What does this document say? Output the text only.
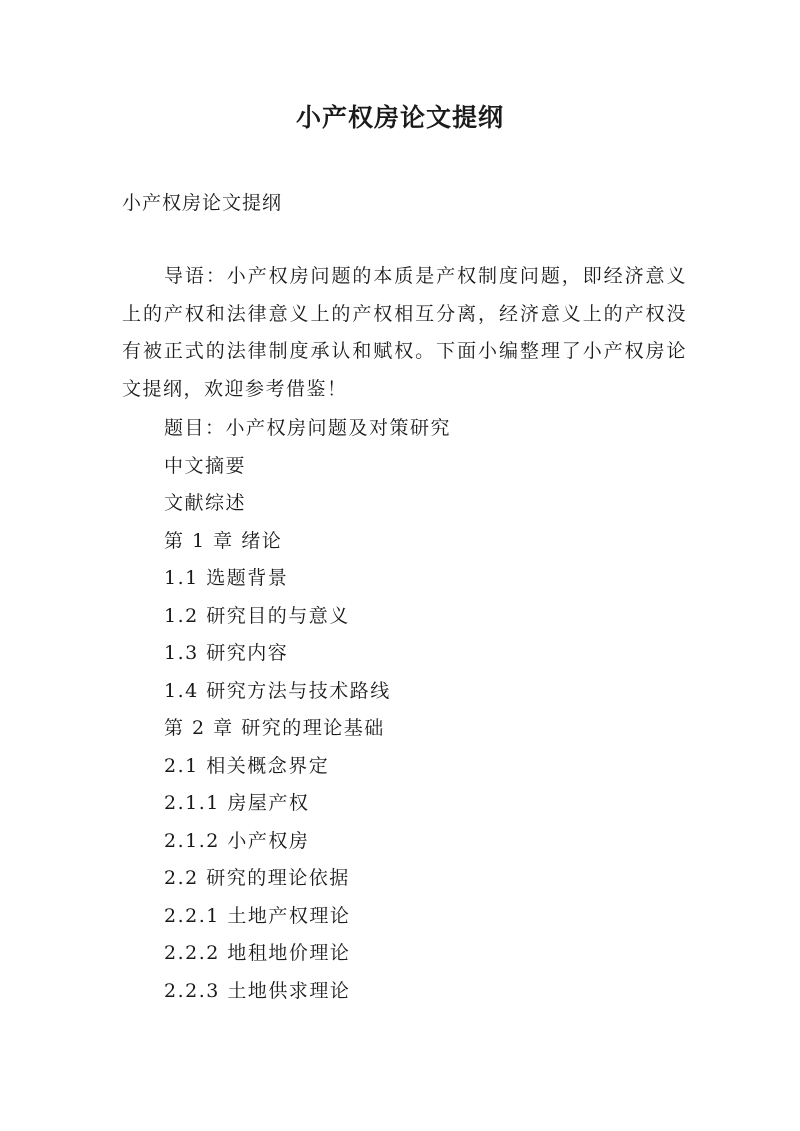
小产权房论文提纲
小产权房论文提纲

导语：小产权房问题的本质是产权制度问题，即经济意义上的产权和法律意义上的产权相互分离，经济意义上的产权没有被正式的法律制度承认和赋权。下面小编整理了小产权房论文提纲，欢迎参考借鉴！

题目：小产权房问题及对策研究
中文摘要
文献综述
第 1 章 绪论
1.1 选题背景
1.2 研究目的与意义
1.3 研究内容
1.4 研究方法与技术路线
第 2 章 研究的理论基础
2.1 相关概念界定
2.1.1 房屋产权
2.1.2 小产权房
2.2 研究的理论依据
2.2.1 土地产权理论
2.2.2 地租地价理论
2.2.3 土地供求理论
